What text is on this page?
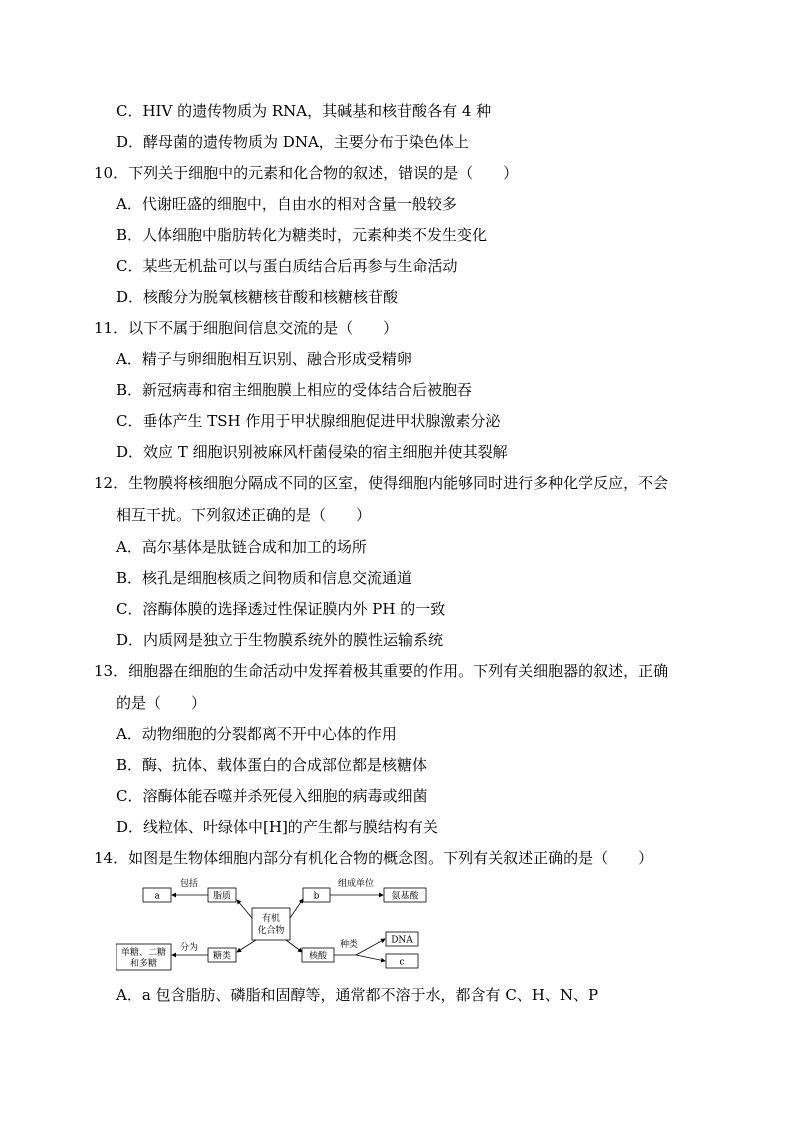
C．HIV 的遗传物质为 RNA，其碱基和核苷酸各有 4 种
D．酵母菌的遗传物质为 DNA，主要分布于染色体上
10．下列关于细胞中的元素和化合物的叙述，错误的是（　　）
A．代谢旺盛的细胞中，自由水的相对含量一般较多
B．人体细胞中脂肪转化为糖类时，元素种类不发生变化
C．某些无机盐可以与蛋白质结合后再参与生命活动
D．核酸分为脱氧核糖核苷酸和核糖核苷酸
11．以下不属于细胞间信息交流的是（　　）
A．精子与卵细胞相互识别、融合形成受精卵
B．新冠病毒和宿主细胞膜上相应的受体结合后被胞吞
C．垂体产生 TSH 作用于甲状腺细胞促进甲状腺激素分泌
D．效应 T 细胞识别被麻风杆菌侵染的宿主细胞并使其裂解
12．生物膜将核细胞分隔成不同的区室，使得细胞内能够同时进行多种化学反应，不会
相互干扰。下列叙述正确的是（　　）
A．高尔基体是肽链合成和加工的场所
B．核孔是细胞核质之间物质和信息交流通道
C．溶酶体膜的选择透过性保证膜内外 PH 的一致
D．内质网是独立于生物膜系统外的膜性运输系统
13．细胞器在细胞的生命活动中发挥着极其重要的作用。下列有关细胞器的叙述，正确
的是（　　）
A．动物细胞的分裂都离不开中心体的作用
B．酶、抗体、载体蛋白的合成部位都是核糖体
C．溶酶体能吞噬并杀死侵入细胞的病毒或细菌
D．线粒体、叶绿体中[H]的产生都与膜结构有关
14．如图是生物体细胞内部分有机化合物的概念图。下列有关叙述正确的是（　　）
A．a 包含脂肪、磷脂和固醇等，通常都不溶于水，都含有 C、H、N、P
a
包括
脂质
有机
化合物
b
组成单位
氨基酸
单糖、二糖
和多糖
分为
糖类	核酸
种类	DNA
c
